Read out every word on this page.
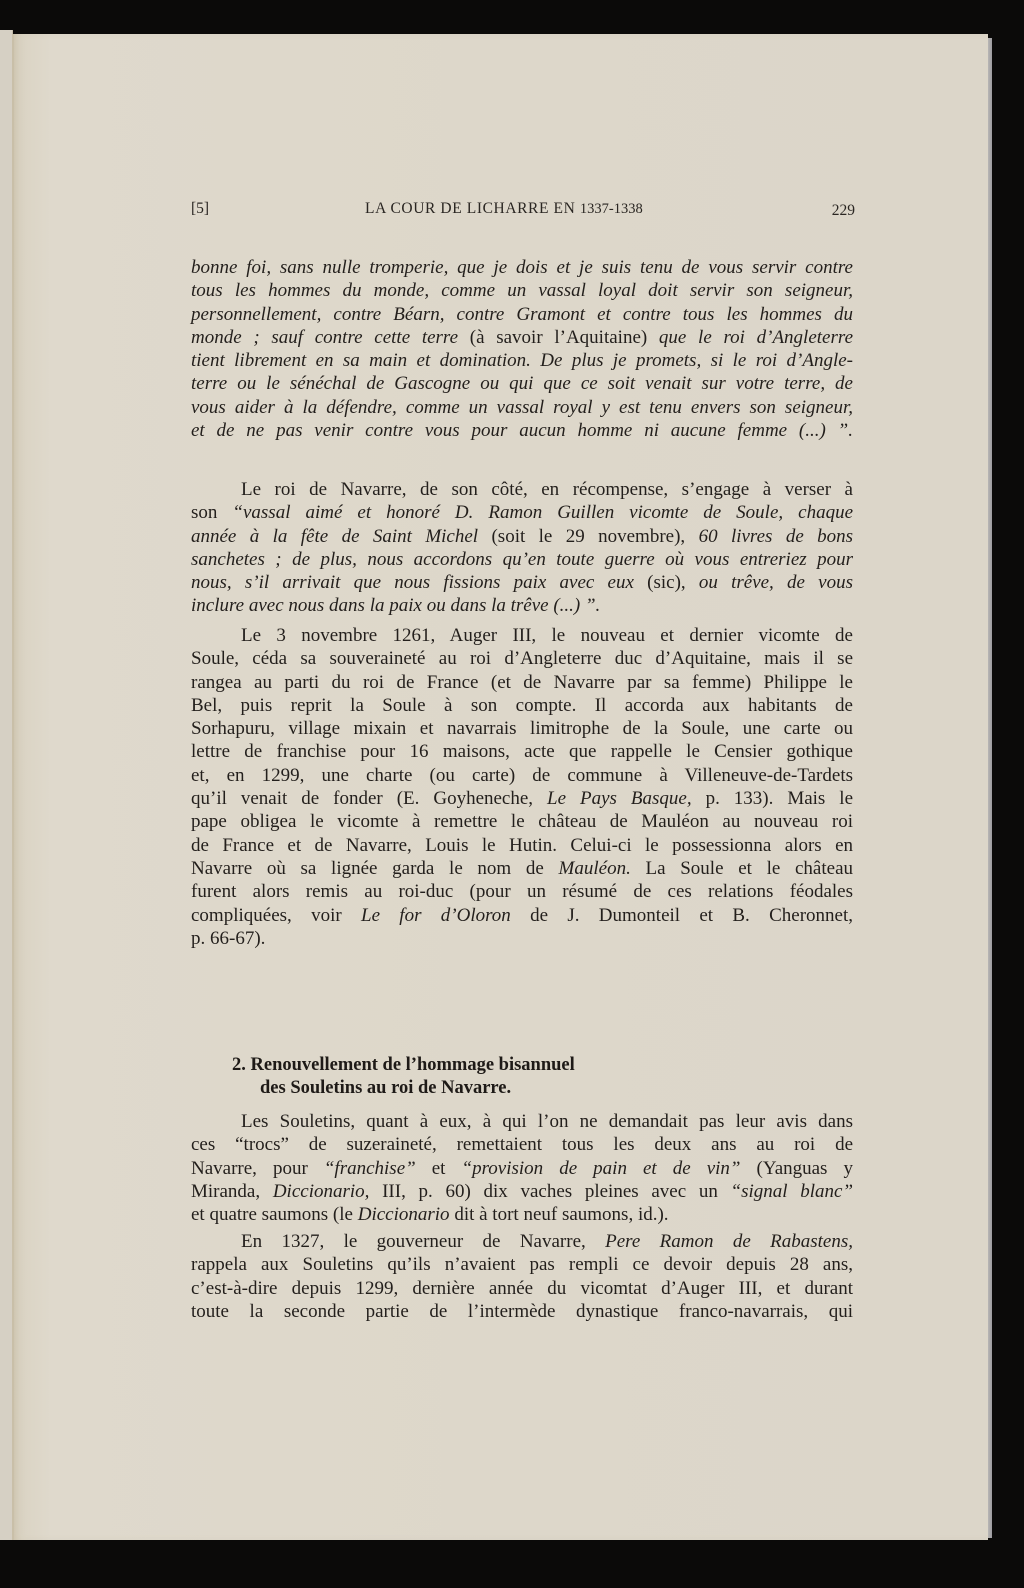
[5]	LA COUR DE LICHARRE EN 1337-1338	229
bonne foi, sans nulle tromperie, que je dois et je suis tenu de vous servir contre
tous les hommes du monde, comme un vassal loyal doit servir son seigneur,
personnellement, contre Béarn, contre Gramont et contre tous les hommes du
monde ; sauf contre cette terre (à savoir l’Aquitaine) que le roi d’Angleterre
tient librement en sa main et domination. De plus je promets, si le roi d’Angle-
terre ou le sénéchal de Gascogne ou qui que ce soit venait sur votre terre, de
vous aider à la défendre, comme un vassal royal y est tenu envers son seigneur,
et de ne pas venir contre vous pour aucun homme ni aucune femme (...) ”.
Le roi de Navarre, de son côté, en récompense, s’engage à verser à
son “vassal aimé et honoré D. Ramon Guillen vicomte de Soule, chaque
année à la fête de Saint Michel (soit le 29 novembre), 60 livres de bons
sanchetes ; de plus, nous accordons qu’en toute guerre où vous entreriez pour
nous, s’il arrivait que nous fissions paix avec eux (sic), ou trêve, de vous
inclure avec nous dans la paix ou dans la trêve (...) ”.
Le 3 novembre 1261, Auger III, le nouveau et dernier vicomte de
Soule, céda sa souveraineté au roi d’Angleterre duc d’Aquitaine, mais il se
rangea au parti du roi de France (et de Navarre par sa femme) Philippe le
Bel, puis reprit la Soule à son compte. Il accorda aux habitants de
Sorhapuru, village mixain et navarrais limitrophe de la Soule, une carte ou
lettre de franchise pour 16 maisons, acte que rappelle le Censier gothique
et, en 1299, une charte (ou carte) de commune à Villeneuve-de-Tardets
qu’il venait de fonder (E. Goyheneche, Le Pays Basque, p. 133). Mais le
pape obligea le vicomte à remettre le château de Mauléon au nouveau roi
de France et de Navarre, Louis le Hutin. Celui-ci le possessionna alors en
Navarre où sa lignée garda le nom de Mauléon. La Soule et le château
furent alors remis au roi-duc (pour un résumé de ces relations féodales
compliquées, voir Le for d’Oloron de J. Dumonteil et B. Cheronnet,
p. 66-67).
2. Renouvellement de l’hommage bisannuel
des Souletins au roi de Navarre.
Les Souletins, quant à eux, à qui l’on ne demandait pas leur avis dans
ces “trocs” de suzeraineté, remettaient tous les deux ans au roi de
Navarre, pour “franchise” et “provision de pain et de vin” (Yanguas y
Miranda, Diccionario, III, p. 60) dix vaches pleines avec un “signal blanc”
et quatre saumons (le Diccionario dit à tort neuf saumons, id.).
En 1327, le gouverneur de Navarre, Pere Ramon de Rabastens,
rappela aux Souletins qu’ils n’avaient pas rempli ce devoir depuis 28 ans,
c’est-à-dire depuis 1299, dernière année du vicomtat d’Auger III, et durant
toute la seconde partie de l’intermède dynastique franco-navarrais, qui
